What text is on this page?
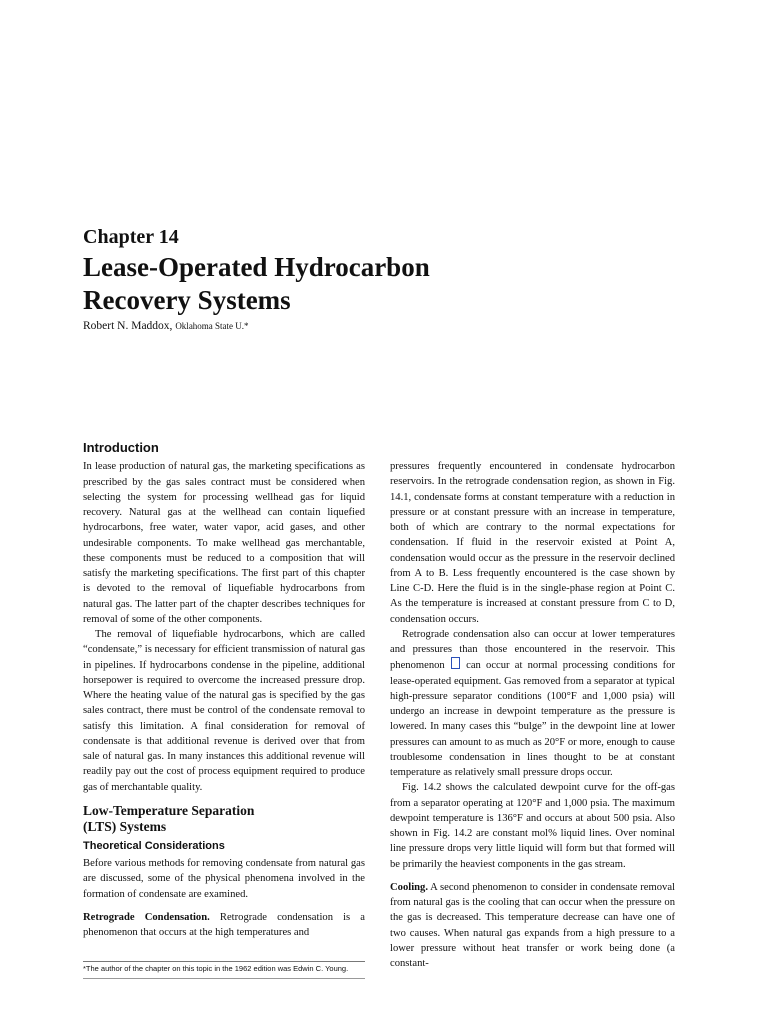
Chapter 14
Lease-Operated Hydrocarbon
Recovery Systems
Robert N. Maddox, Oklahoma State U.*
Introduction

In lease production of natural gas, the marketing specifications as prescribed by the gas sales contract must be considered when selecting the system for processing wellhead gas for liquid recovery. Natural gas at the wellhead can contain liquefied hydrocarbons, free water, water vapor, acid gases, and other undesirable components. To make wellhead gas merchantable, these components must be reduced to a composition that will satisfy the marketing specifications. The first part of this chapter is devoted to the removal of liquefiable hydrocarbons from natural gas. The latter part of the chapter describes techniques for removal of some of the other components.

The removal of liquefiable hydrocarbons, which are called “condensate,” is necessary for efficient transmission of natural gas in pipelines. If hydrocarbons condense in the pipeline, additional horsepower is required to overcome the increased pressure drop. Where the heating value of the natural gas is specified by the gas sales contract, there must be control of the condensate removal to satisfy this limitation. A final consideration for removal of condensate is that additional revenue is derived over that from sale of natural gas. In many instances this additional revenue will readily pay out the cost of process equipment required to produce gas of merchantable quality.

Low-Temperature Separation
(LTS) Systems
Theoretical Considerations

Before various methods for removing condensate from natural gas are discussed, some of the physical phenomena involved in the formation of condensate are examined.

Retrograde Condensation. Retrograde condensation is a phenomenon that occurs at the high temperatures and

pressures frequently encountered in condensate hydrocarbon reservoirs. In the retrograde condensation region, as shown in Fig. 14.1, condensate forms at constant temperature with a reduction in pressure or at constant pressure with an increase in temperature, both of which are contrary to the normal expectations for condensation. If fluid in the reservoir existed at Point A, condensation would occur as the pressure in the reservoir declined from A to B. Less frequently encountered is the case shown by Line C-D. Here the fluid is in the single-phase region at Point C. As the temperature is increased at constant pressure from C to D, condensation occurs.

Retrograde condensation also can occur at lower temperatures and pressures than those encountered in the reservoir. This phenomenon can occur at normal processing conditions for lease-operated equipment. Gas removed from a separator at typical high-pressure separator conditions (100°F and 1,000 psia) will undergo an increase in dewpoint temperature as the pressure is lowered. In many cases this “bulge” in the dewpoint line at lower pressures can amount to as much as 20°F or more, enough to cause troublesome condensation in lines thought to be at constant temperature as relatively small pressure drops occur.

Fig. 14.2 shows the calculated dewpoint curve for the off-gas from a separator operating at 120°F and 1,000 psia. The maximum dewpoint temperature is 136°F and occurs at about 500 psia. Also shown in Fig. 14.2 are constant mol% liquid lines. Over nominal line pressure drops very little liquid will form but that formed will be primarily the heaviest components in the gas stream.

Cooling. A second phenomenon to consider in condensate removal from natural gas is the cooling that can occur when the pressure on the gas is decreased. This temperature decrease can have one of two causes. When natural gas expands from a high pressure to a lower pressure without heat transfer or work being done (a constant-

*The author of the chapter on this topic in the 1962 edition was Edwin C. Young.
